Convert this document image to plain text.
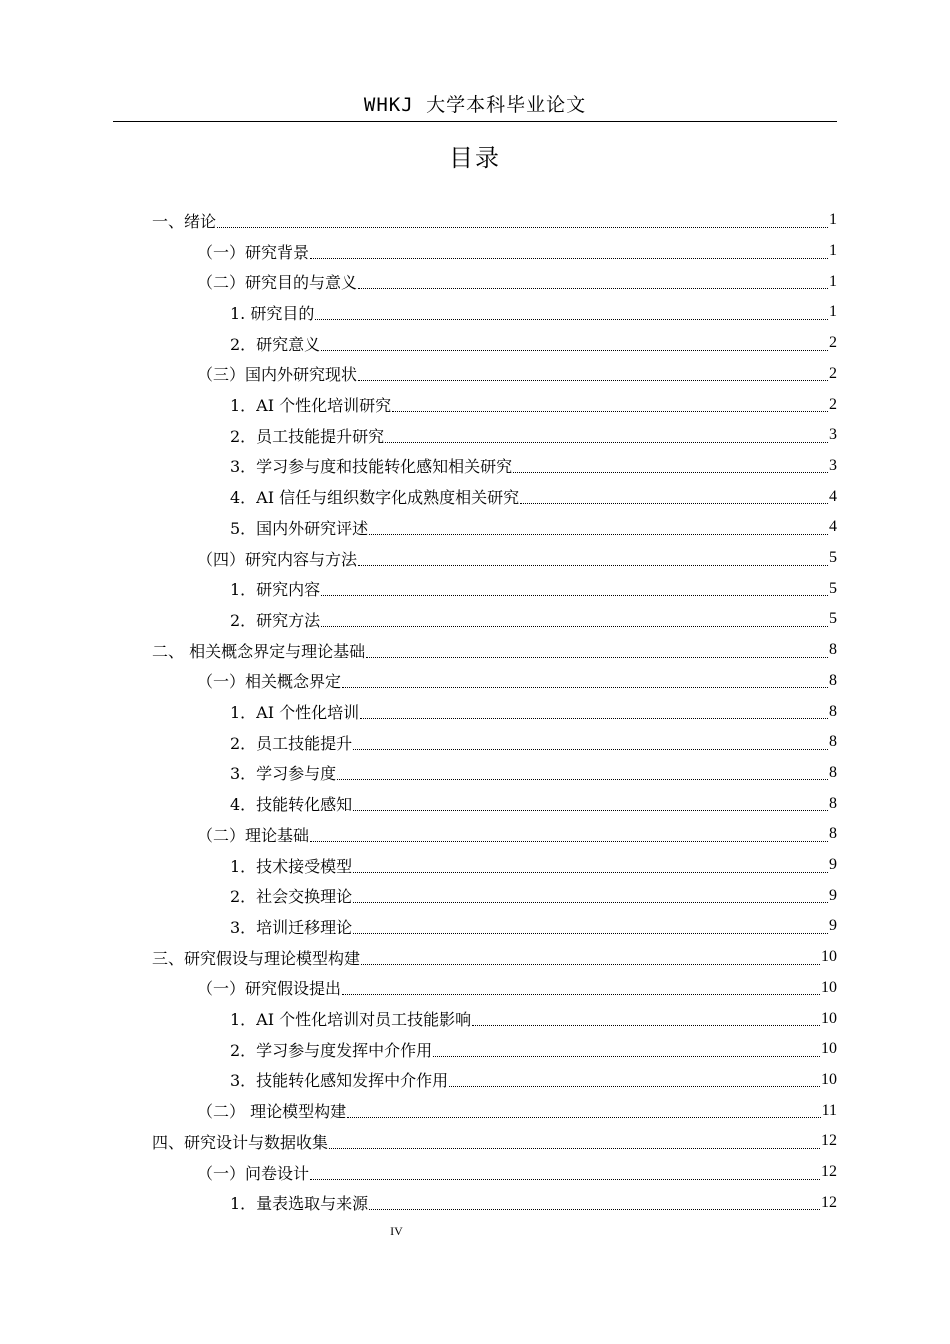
WHKJ 大学本科毕业论文
目录
一、绪论	1
（一）研究背景	1
（二）研究目的与意义	1
1. 研究目的	1
2．研究意义	2
（三）国内外研究现状	2
1．AI 个性化培训研究	2
2．员工技能提升研究	3
3．学习参与度和技能转化感知相关研究	3
4．AI 信任与组织数字化成熟度相关研究	4
5．国内外研究评述	4
（四）研究内容与方法	5
1．研究内容	5
2．研究方法	5
二、 相关概念界定与理论基础	8
（一）相关概念界定	8
1．AI 个性化培训	8
2．员工技能提升	8
3．学习参与度	8
4．技能转化感知	8
（二）理论基础	8
1．技术接受模型	9
2．社会交换理论	9
3．培训迁移理论	9
三、研究假设与理论模型构建	10
（一）研究假设提出	10
1．AI 个性化培训对员工技能影响	10
2．学习参与度发挥中介作用	10
3．技能转化感知发挥中介作用	10
（二） 理论模型构建	11
四、研究设计与数据收集	12
（一）问卷设计	12
1．量表选取与来源	12
IV
